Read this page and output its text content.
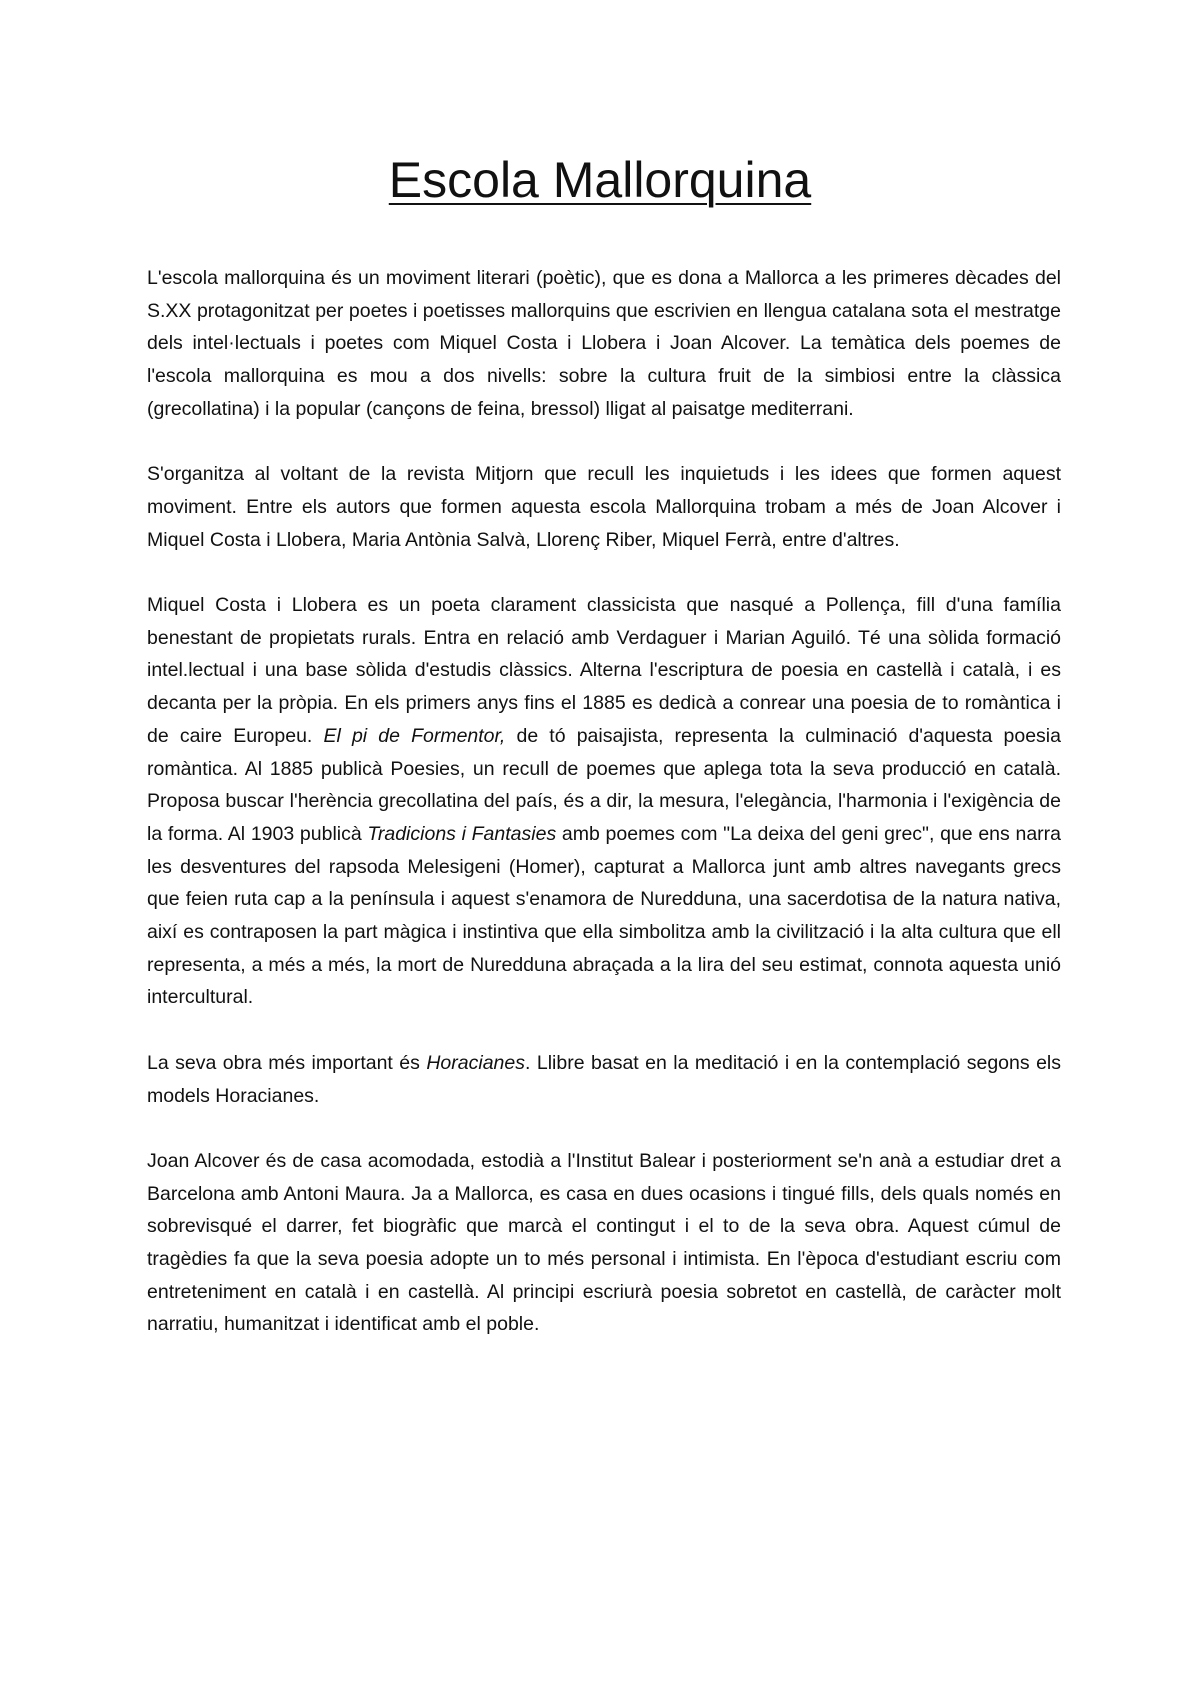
Escola Mallorquina

L'escola mallorquina és un moviment literari (poètic), que es dona a Mallorca a les primeres dècades del S.XX protagonitzat per poetes i poetisses mallorquins que escrivien en llengua catalana sota el mestratge dels intel·lectuals i poetes com Miquel Costa i Llobera i Joan Alcover. La temàtica dels poemes de l'escola mallorquina es mou a dos nivells: sobre la cultura fruit de la simbiosi entre la clàssica (grecollatina) i la popular (cançons de feina, bressol) lligat al paisatge mediterrani.

S'organitza al voltant de la revista Mitjorn que recull les inquietuds i les idees que formen aquest moviment. Entre els autors que formen aquesta escola Mallorquina trobam a més de Joan Alcover i Miquel Costa i Llobera, Maria Antònia Salvà, Llorenç Riber, Miquel Ferrà, entre d'altres.

Miquel Costa i Llobera es un poeta clarament classicista que nasqué a Pollença, fill d'una família benestant de propietats rurals. Entra en relació amb Verdaguer i Marian Aguiló. Té una sòlida formació intel.lectual i una base sòlida d'estudis clàssics. Alterna l'escriptura de poesia en castellà i català, i es decanta per la pròpia. En els primers anys fins el 1885 es dedicà a conrear una poesia de to romàntica i de caire Europeu. El pi de Formentor, de tó paisajista, representa la culminació d'aquesta poesia romàntica. Al 1885 publicà Poesies, un recull de poemes que aplega tota la seva producció en català. Proposa buscar l'herència grecollatina del país, és a dir, la mesura, l'elegància, l'harmonia i l'exigència de la forma. Al 1903 publicà Tradicions i Fantasies amb poemes com "La deixa del geni grec", que ens narra les desventures del rapsoda Melesigeni (Homer), capturat a Mallorca junt amb altres navegants grecs que feien ruta cap a la península i aquest s'enamora de Nuredduna, una sacerdotisa de la natura nativa, així es contraposen la part màgica i instintiva que ella simbolitza amb la civilització i la alta cultura que ell representa, a més a més, la mort de Nuredduna abraçada a la lira del seu estimat, connota aquesta unió intercultural.

La seva obra més important és Horacianes. Llibre basat en la meditació i en la contemplació segons els models Horacianes.

Joan Alcover és de casa acomodada, estodià a l'Institut Balear i posteriorment se'n anà a estudiar dret a Barcelona amb Antoni Maura. Ja a Mallorca, es casa en dues ocasions i tingué fills, dels quals només en sobrevisqué el darrer, fet biogràfic que marcà el contingut i el to de la seva obra. Aquest cúmul de tragèdies fa que la seva poesia adopte un to més personal i intimista. En l'època d'estudiant escriu com entreteniment en català i en castellà. Al principi escriurà poesia sobretot en castellà, de caràcter molt narratiu, humanitzat i identificat amb el poble.
